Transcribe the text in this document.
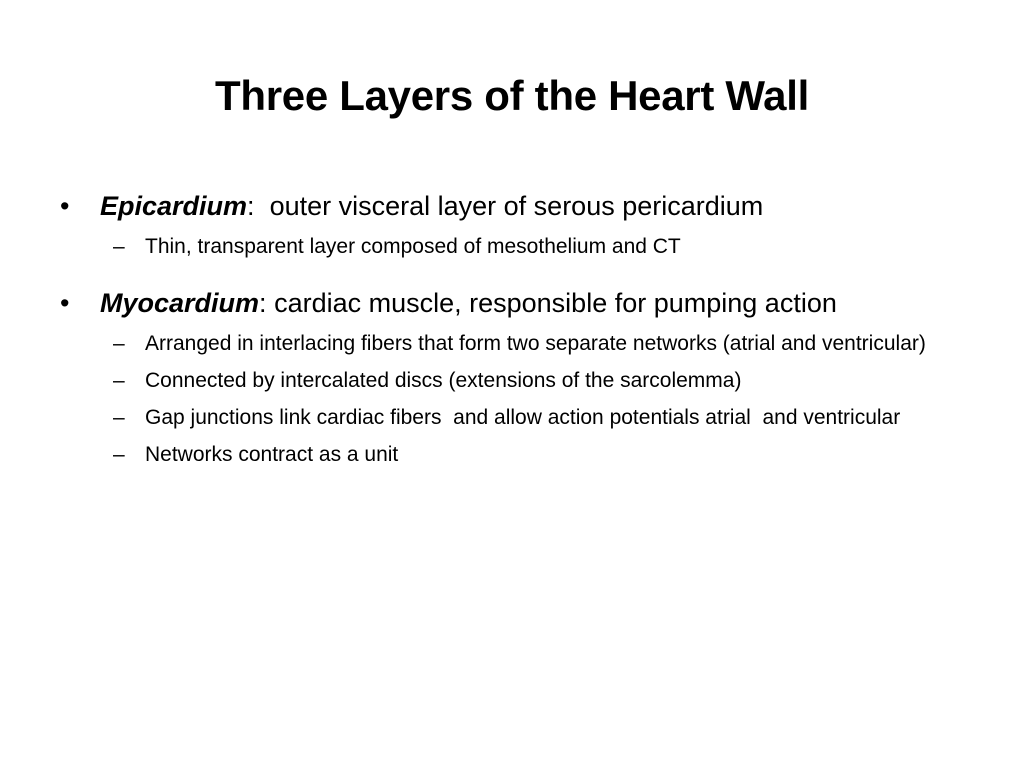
Three Layers of the Heart Wall
• Epicardium:  outer visceral layer of serous pericardium
– Thin, transparent layer composed of mesothelium and CT
• Myocardium: cardiac muscle, responsible for pumping action
– Arranged in interlacing fibers that form two separate networks (atrial and ventricular)
– Connected by intercalated discs (extensions of the sarcolemma)
– Gap junctions link cardiac fibers  and allow action potentials atrial  and ventricular
– Networks contract as a unit
